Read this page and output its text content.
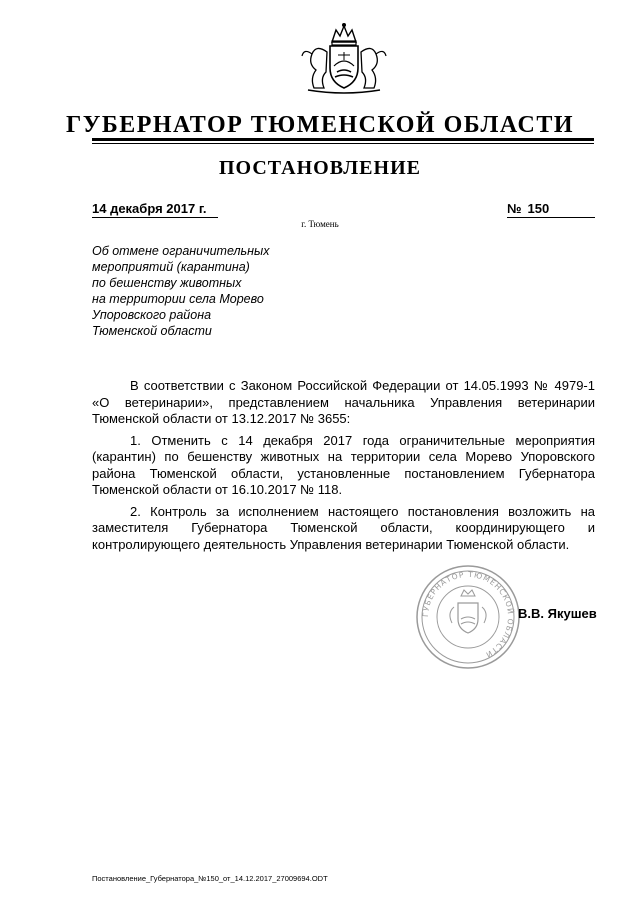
ГУБЕРНАТОР ТЮМЕНСКОЙ ОБЛАСТИ
ПОСТАНОВЛЕНИЕ
14 декабря 2017 г.	№ 150
г. Тюмень
Об отмене ограничительных
мероприятий (карантина)
по бешенству животных
на территории села Морево
Упоровского района
Тюменской области

В соответствии с Законом Российской Федерации от 14.05.1993 № 4979-1 «О ветеринарии», представлением начальника Управления ветеринарии Тюменской области от 13.12.2017 № 3655:

1. Отменить с 14 декабря 2017 года ограничительные мероприятия (карантин) по бешенству животных на территории села Морево Упоровского района Тюменской области, установленные постановлением Губернатора Тюменской области от 16.10.2017 № 118.

2. Контроль за исполнением настоящего постановления возложить на заместителя Губернатора Тюменской области, координирующего и контролирующего деятельность Управления ветеринарии Тюменской области.

ГУБЕРНАТОР ТЮМЕНСКОЙ ОБЛАСТИ
В.В. Якушев
Постановление_Губернатора_№150_от_14.12.2017_27009694.ODT
